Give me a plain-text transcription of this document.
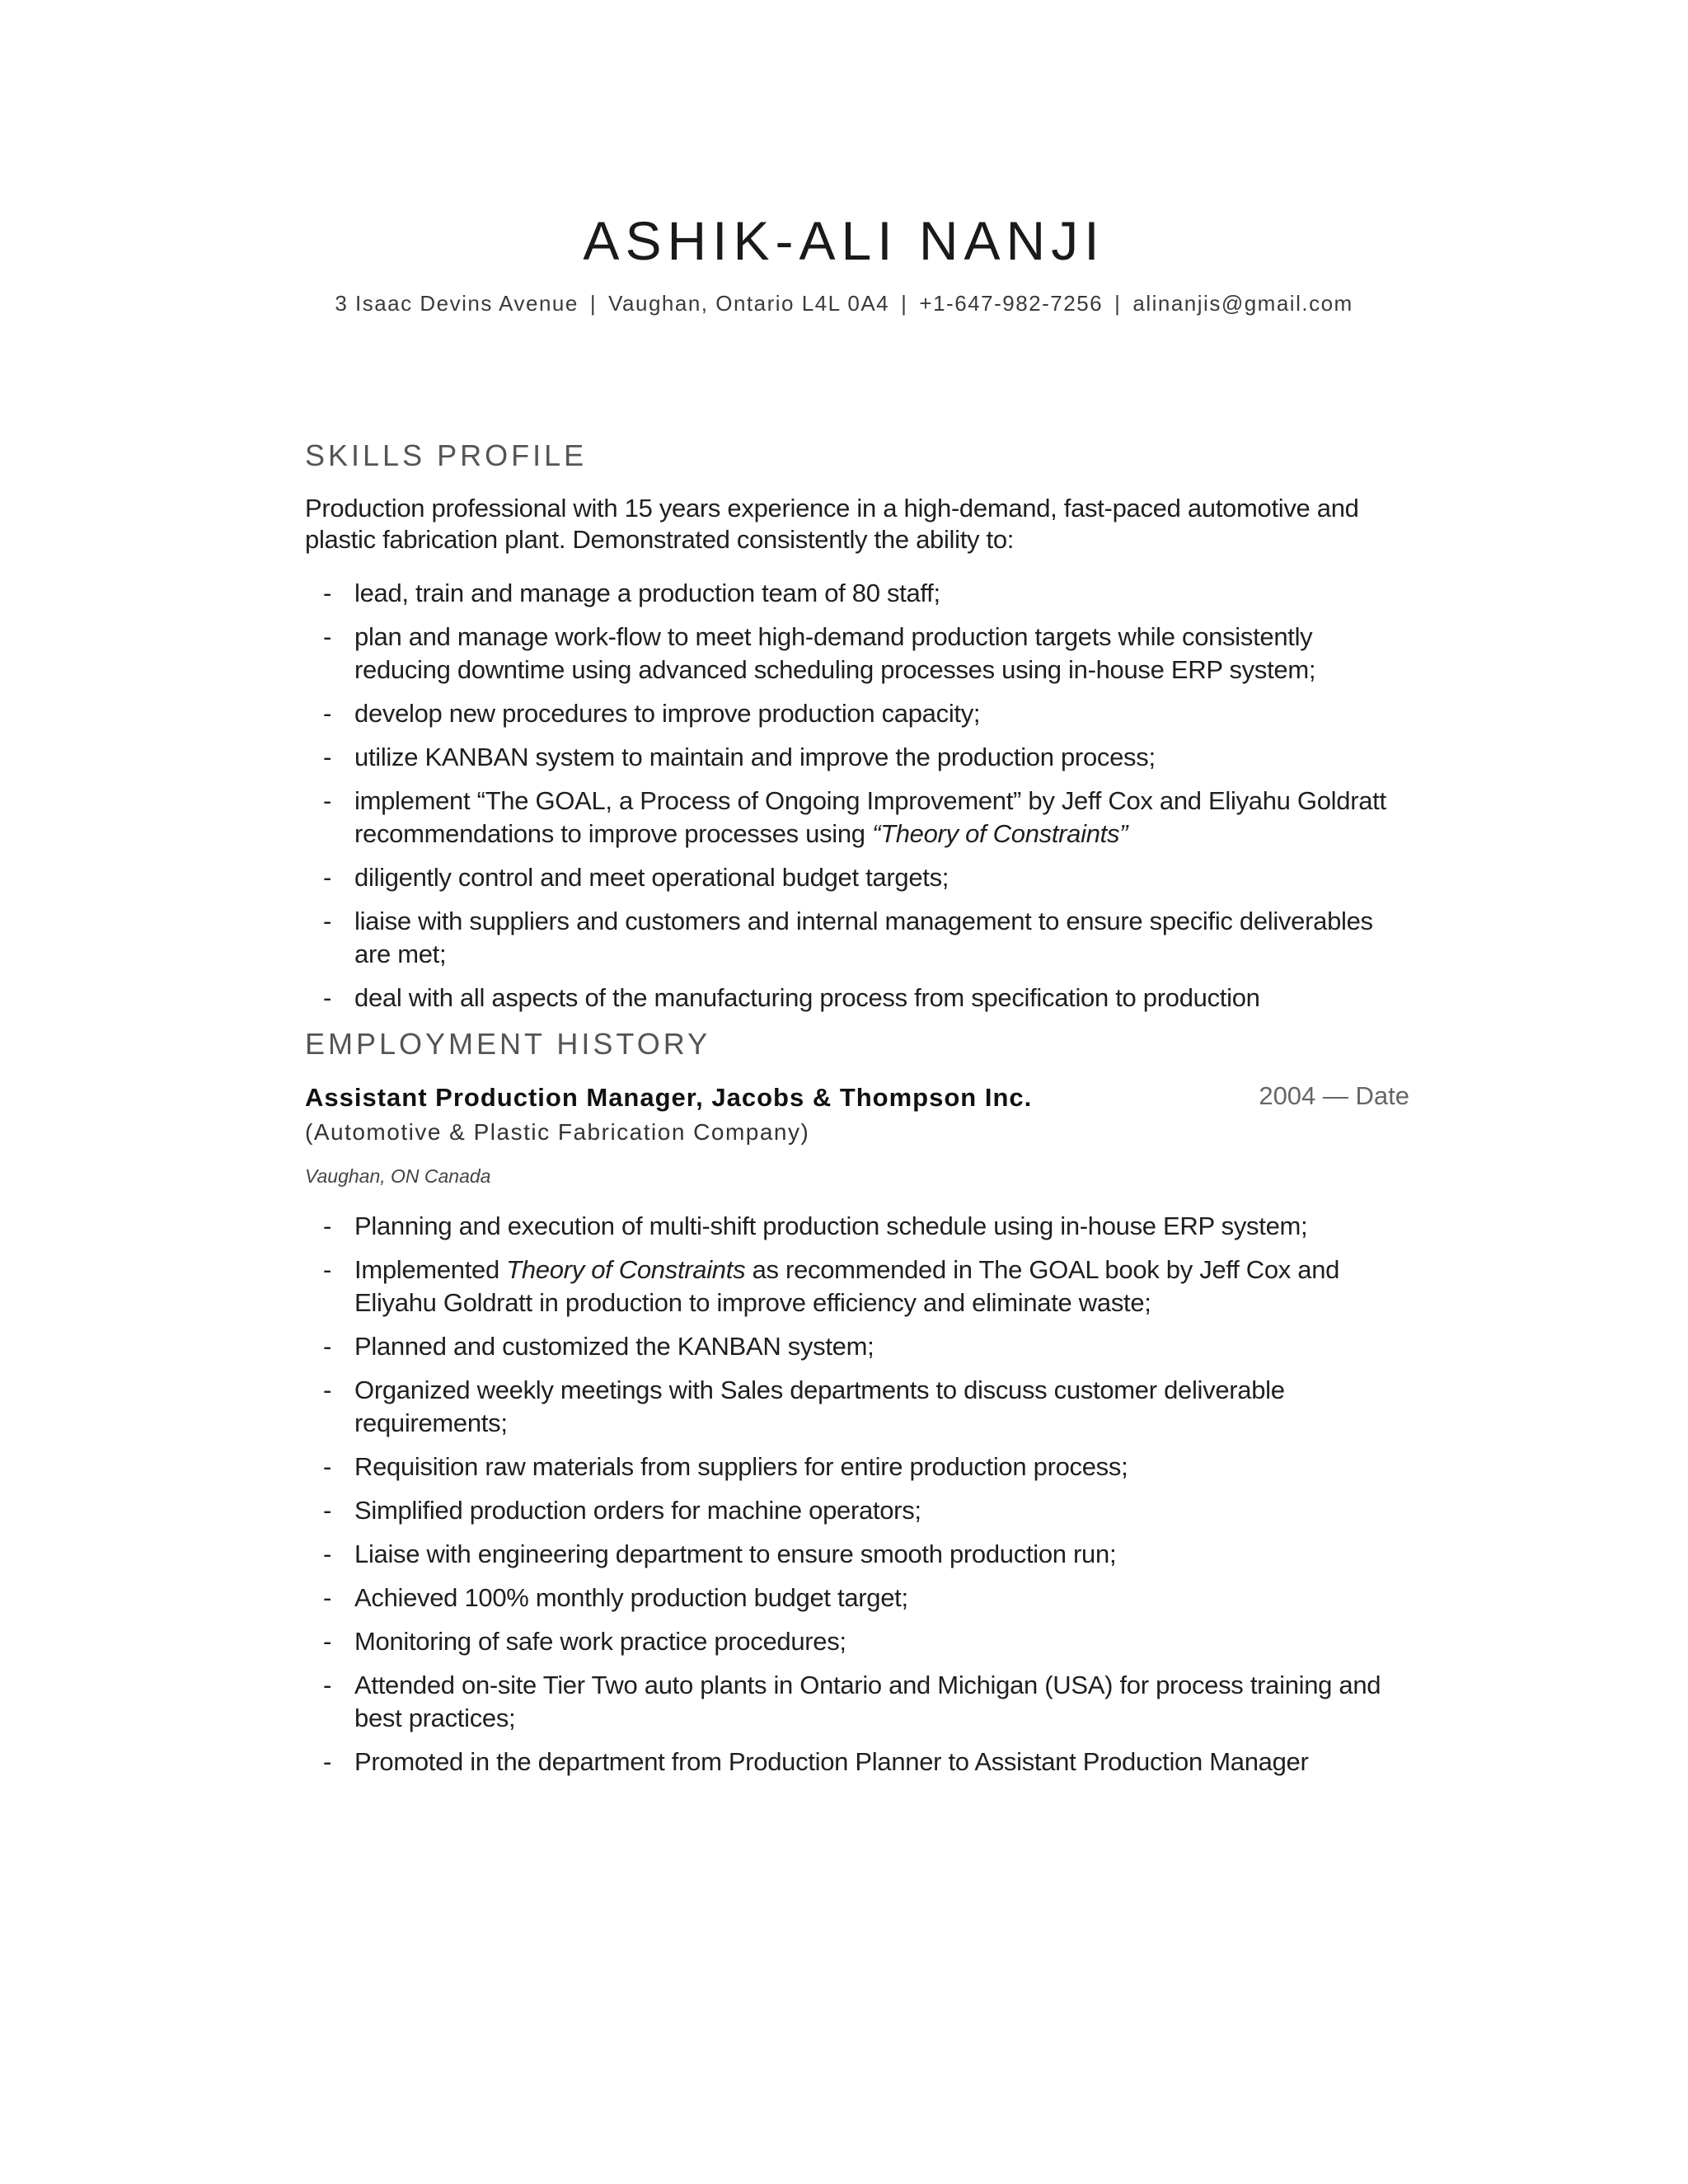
ASHIK-ALI NANJI
3 Isaac Devins Avenue | Vaughan, Ontario L4L 0A4 | +1-647-982-7256 | alinanjis@gmail.com
SKILLS PROFILE

Production professional with 15 years experience in a high-demand, fast-paced automotive and plastic fabrication plant. Demonstrated consistently the ability to:

- lead, train and manage a production team of 80 staff;
- plan and manage work-flow to meet high-demand production targets while consistently reducing downtime using advanced scheduling processes using in-house ERP system;
- develop new procedures to improve production capacity;
- utilize KANBAN system to maintain and improve the production process;
- implement “The GOAL, a Process of Ongoing Improvement” by Jeff Cox and Eliyahu Goldratt recommendations to improve processes using “Theory of Constraints”
- diligently control and meet operational budget targets;
- liaise with suppliers and customers and internal management to ensure specific deliverables are met;
- deal with all aspects of the manufacturing process from specification to production
EMPLOYMENT HISTORY
Assistant Production Manager, Jacobs & Thompson Inc.	2004 — Date
(Automotive & Plastic Fabrication Company)
Vaughan, ON Canada
- Planning and execution of multi-shift production schedule using in-house ERP system;
- Implemented Theory of Constraints as recommended in The GOAL book by Jeff Cox and Eliyahu Goldratt in production to improve efficiency and eliminate waste;
- Planned and customized the KANBAN system;
- Organized weekly meetings with Sales departments to discuss customer deliverable requirements;
- Requisition raw materials from suppliers for entire production process;
- Simplified production orders for machine operators;
- Liaise with engineering department to ensure smooth production run;
- Achieved 100% monthly production budget target;
- Monitoring of safe work practice procedures;
- Attended on-site Tier Two auto plants in Ontario and Michigan (USA) for process training and best practices;
- Promoted in the department from Production Planner to Assistant Production Manager
